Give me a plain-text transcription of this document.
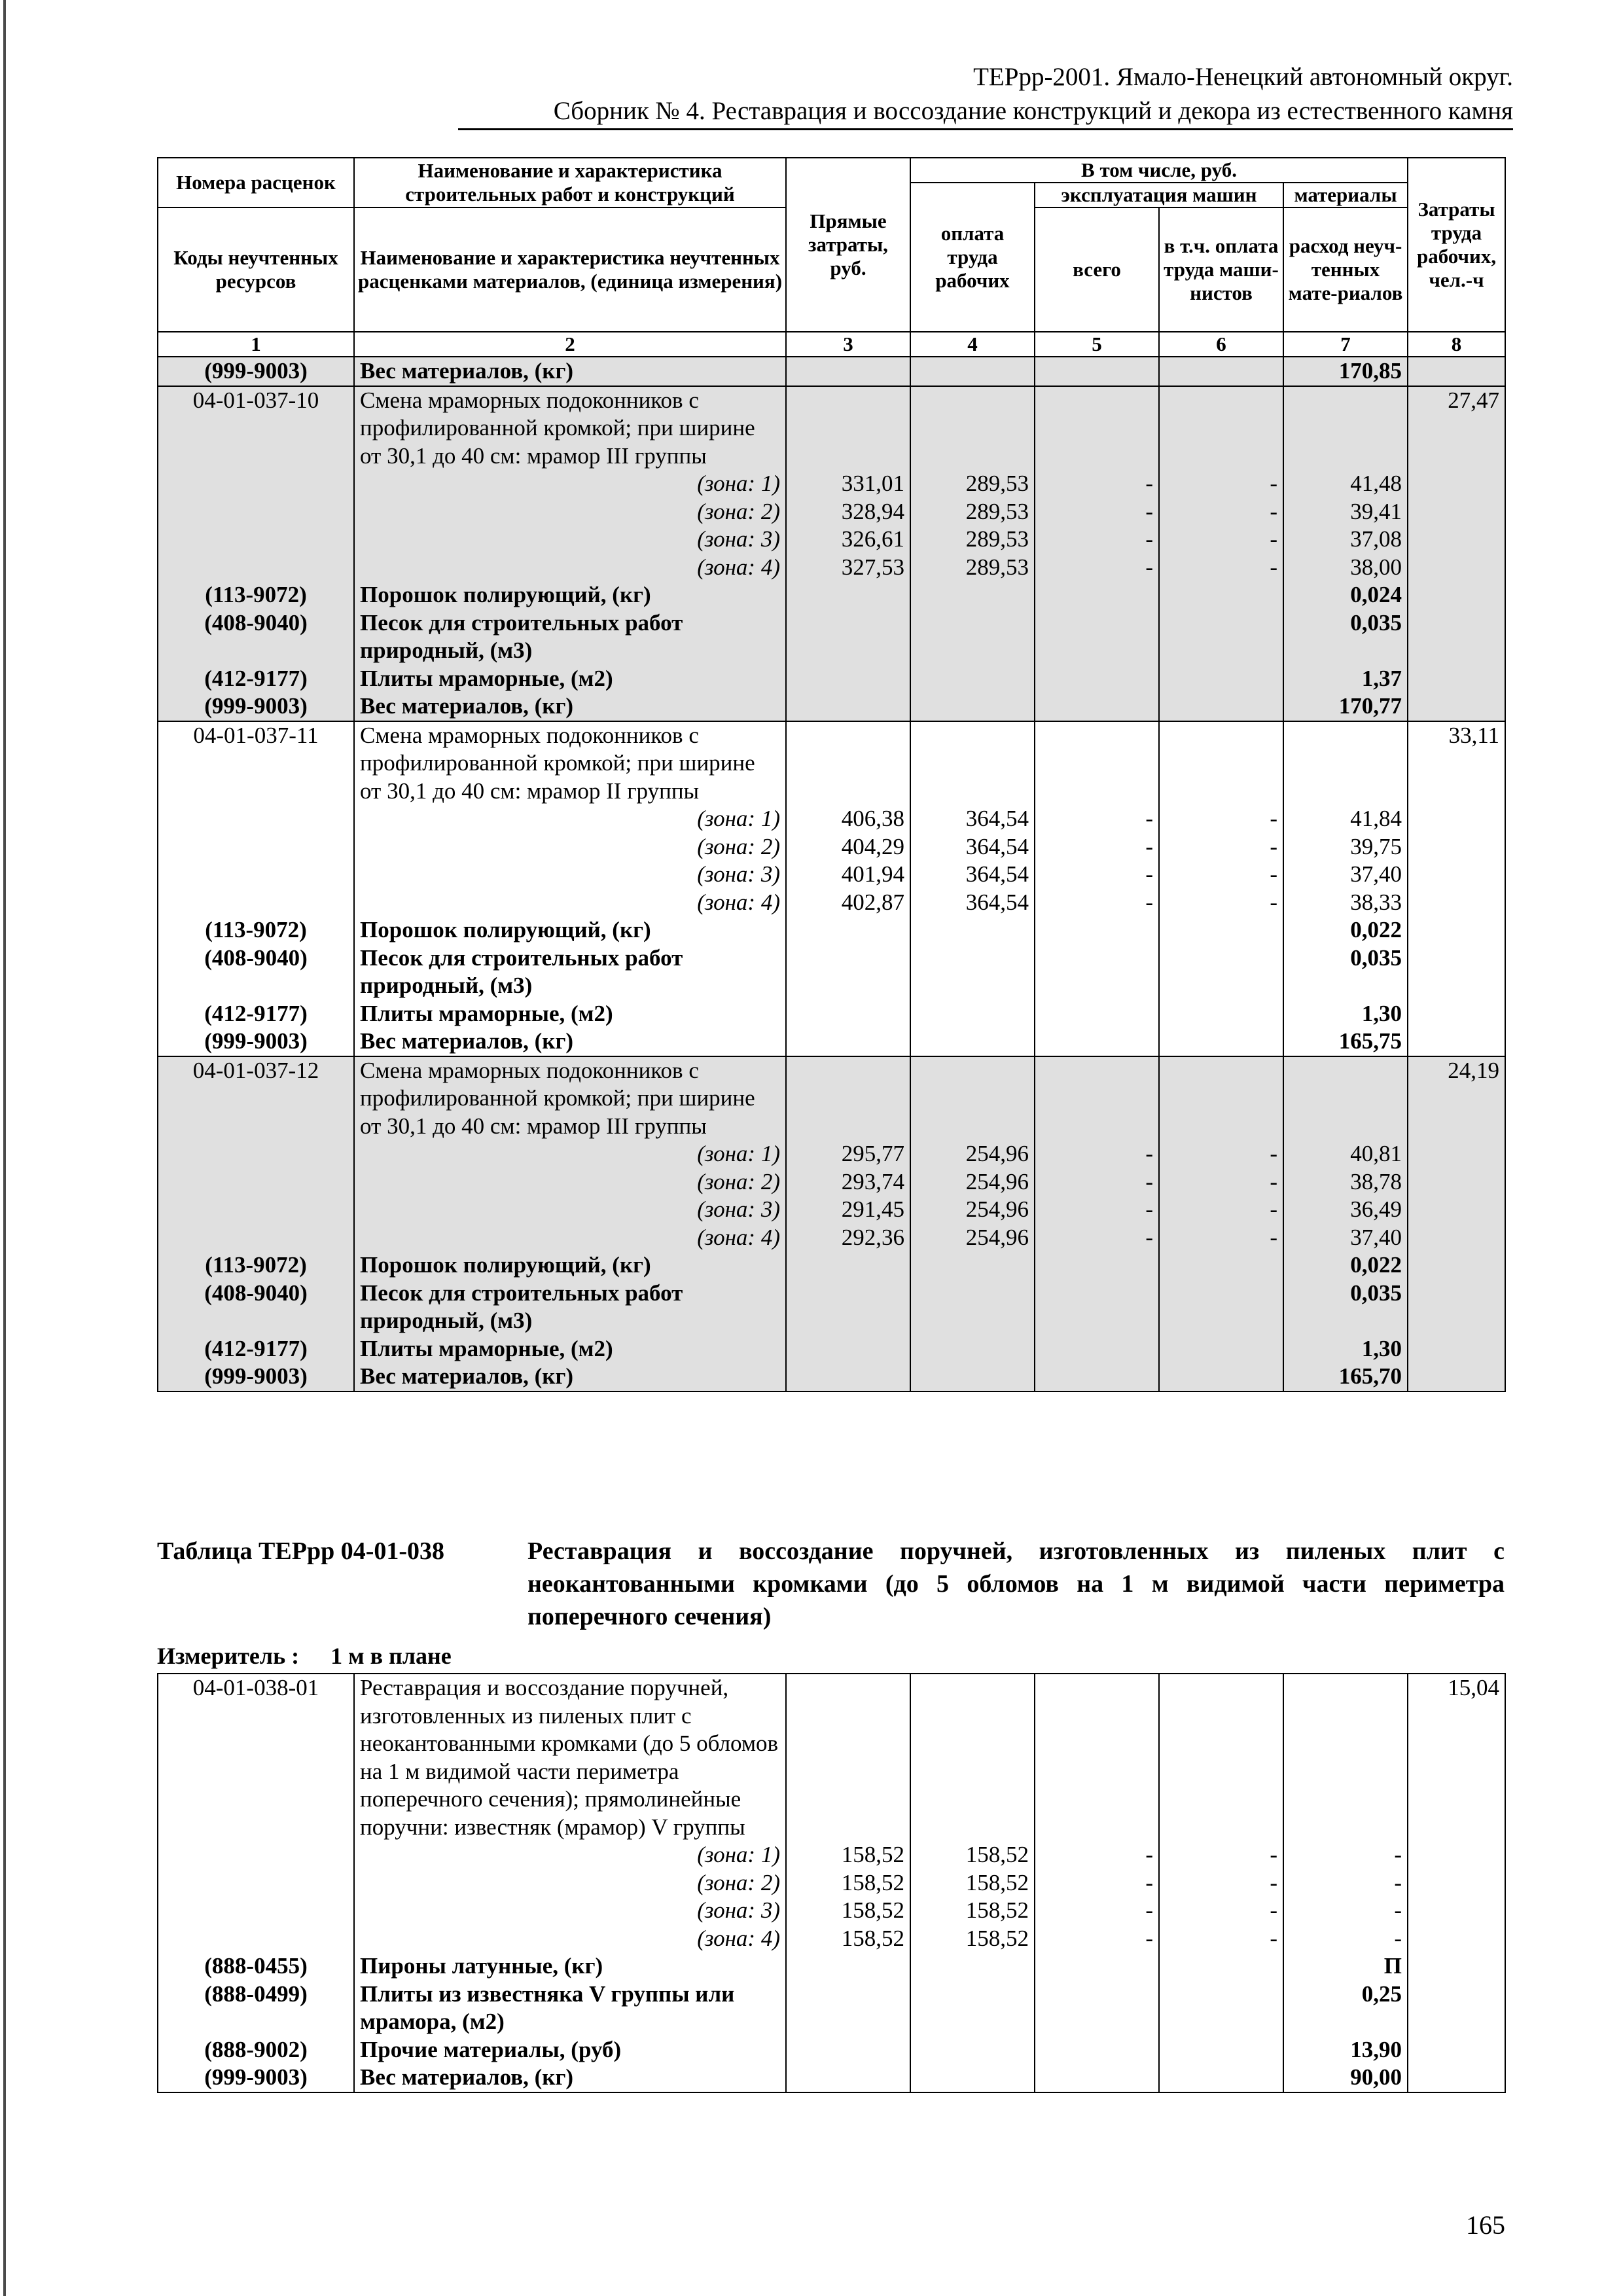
ТЕРрр-2001. Ямало-Ненецкий автономный округ.
Сборник № 4. Реставрация и воссоздание конструкций и декора из естественного камня
Номера расценок	Наименование и характеристика строительных работ и конструкций	Прямые затраты, руб.	В том числе, руб.				Затраты труда рабочих, чел.-ч
			оплата труда рабочих	эксплуатация машин		материалы	
Коды неучтенных ресурсов	Наименование и характеристика неучтенных расценками материалов, (единица измерения)			всего	в т.ч. оплата труда маши-нистов	расход неуч-тенных мате-риалов	
1	2	3	4	5	6	7	8
(999-9003)	Вес материалов, (кг)					170,85	
04-01-037-10	Смена мраморных подоконников с профилированной кромкой; при ширине от 30,1 до 40 см: мрамор III группы						27,47
	(зона: 1)	331,01	289,53	-	-	41,48	
	(зона: 2)	328,94	289,53	-	-	39,41	
	(зона: 3)	326,61	289,53	-	-	37,08	
	(зона: 4)	327,53	289,53	-	-	38,00	
(113-9072)	Порошок полирующий, (кг)					0,024	
(408-9040)	Песок для строительных работ природный, (м3)					0,035	
(412-9177)	Плиты мраморные, (м2)					1,37	
(999-9003)	Вес материалов, (кг)					170,77	
04-01-037-11	Смена мраморных подоконников с профилированной кромкой; при ширине от 30,1 до 40 см: мрамор II группы						33,11
	(зона: 1)	406,38	364,54	-	-	41,84	
	(зона: 2)	404,29	364,54	-	-	39,75	
	(зона: 3)	401,94	364,54	-	-	37,40	
	(зона: 4)	402,87	364,54	-	-	38,33	
(113-9072)	Порошок полирующий, (кг)					0,022	
(408-9040)	Песок для строительных работ природный, (м3)					0,035	
(412-9177)	Плиты мраморные, (м2)					1,30	
(999-9003)	Вес материалов, (кг)					165,75	
04-01-037-12	Смена мраморных подоконников с профилированной кромкой; при ширине от 30,1 до 40 см: мрамор III группы						24,19
	(зона: 1)	295,77	254,96	-	-	40,81	
	(зона: 2)	293,74	254,96	-	-	38,78	
	(зона: 3)	291,45	254,96	-	-	36,49	
	(зона: 4)	292,36	254,96	-	-	37,40	
(113-9072)	Порошок полирующий, (кг)					0,022	
(408-9040)	Песок для строительных работ природный, (м3)					0,035	
(412-9177)	Плиты мраморные, (м2)					1,30	
(999-9003)	Вес материалов, (кг)					165,70	
Таблица ТЕРрр 04-01-038	Реставрация и воссоздание поручней, изготовленных из пиленых плит с неокантованными кромками (до 5 обломов на 1 м видимой части периметра поперечного сечения)
Измеритель : 1 м в плане
04-01-038-01	Реставрация и воссоздание поручней, изготовленных из пиленых плит с неокантованными кромками (до 5 обломов на 1 м видимой части периметра поперечного сечения); прямолинейные поручни: известняк (мрамор) V группы						15,04
	(зона: 1)	158,52	158,52	-	-	-	
	(зона: 2)	158,52	158,52	-	-	-	
	(зона: 3)	158,52	158,52	-	-	-	
	(зона: 4)	158,52	158,52	-	-	-	
(888-0455)	Пироны латунные, (кг)					П	
(888-0499)	Плиты из известняка V группы или мрамора, (м2)					0,25	
(888-9002)	Прочие материалы, (руб)					13,90	
(999-9003)	Вес материалов, (кг)					90,00	
165
